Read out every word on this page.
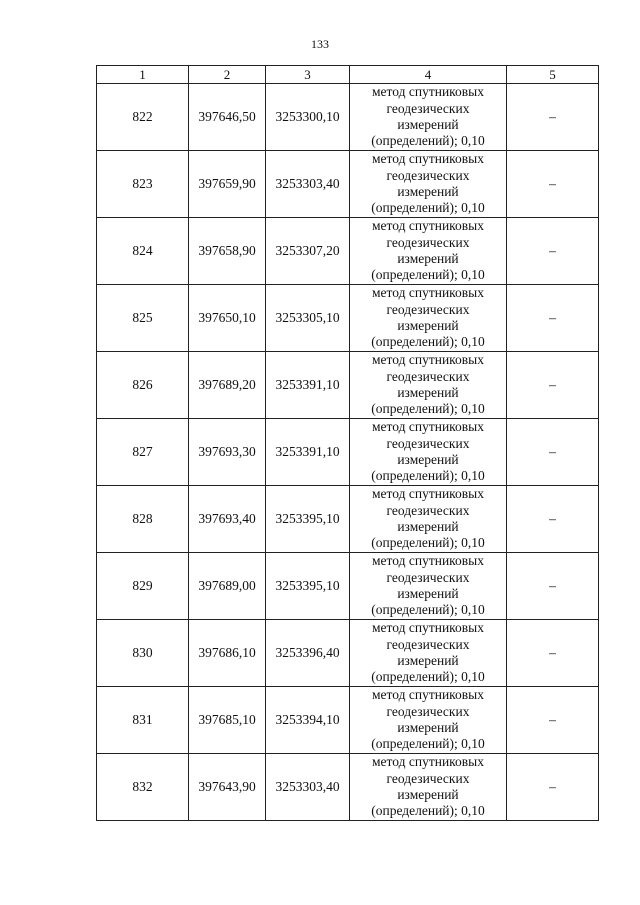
133
1	2	3	4	5
822	397646,50	3253300,10	метод спутниковых
геодезических
измерений
(определений); 0,10	–
823	397659,90	3253303,40	метод спутниковых
геодезических
измерений
(определений); 0,10	–
824	397658,90	3253307,20	метод спутниковых
геодезических
измерений
(определений); 0,10	–
825	397650,10	3253305,10	метод спутниковых
геодезических
измерений
(определений); 0,10	–
826	397689,20	3253391,10	метод спутниковых
геодезических
измерений
(определений); 0,10	–
827	397693,30	3253391,10	метод спутниковых
геодезических
измерений
(определений); 0,10	–
828	397693,40	3253395,10	метод спутниковых
геодезических
измерений
(определений); 0,10	–
829	397689,00	3253395,10	метод спутниковых
геодезических
измерений
(определений); 0,10	–
830	397686,10	3253396,40	метод спутниковых
геодезических
измерений
(определений); 0,10	–
831	397685,10	3253394,10	метод спутниковых
геодезических
измерений
(определений); 0,10	–
832	397643,90	3253303,40	метод спутниковых
геодезических
измерений
(определений); 0,10	–
